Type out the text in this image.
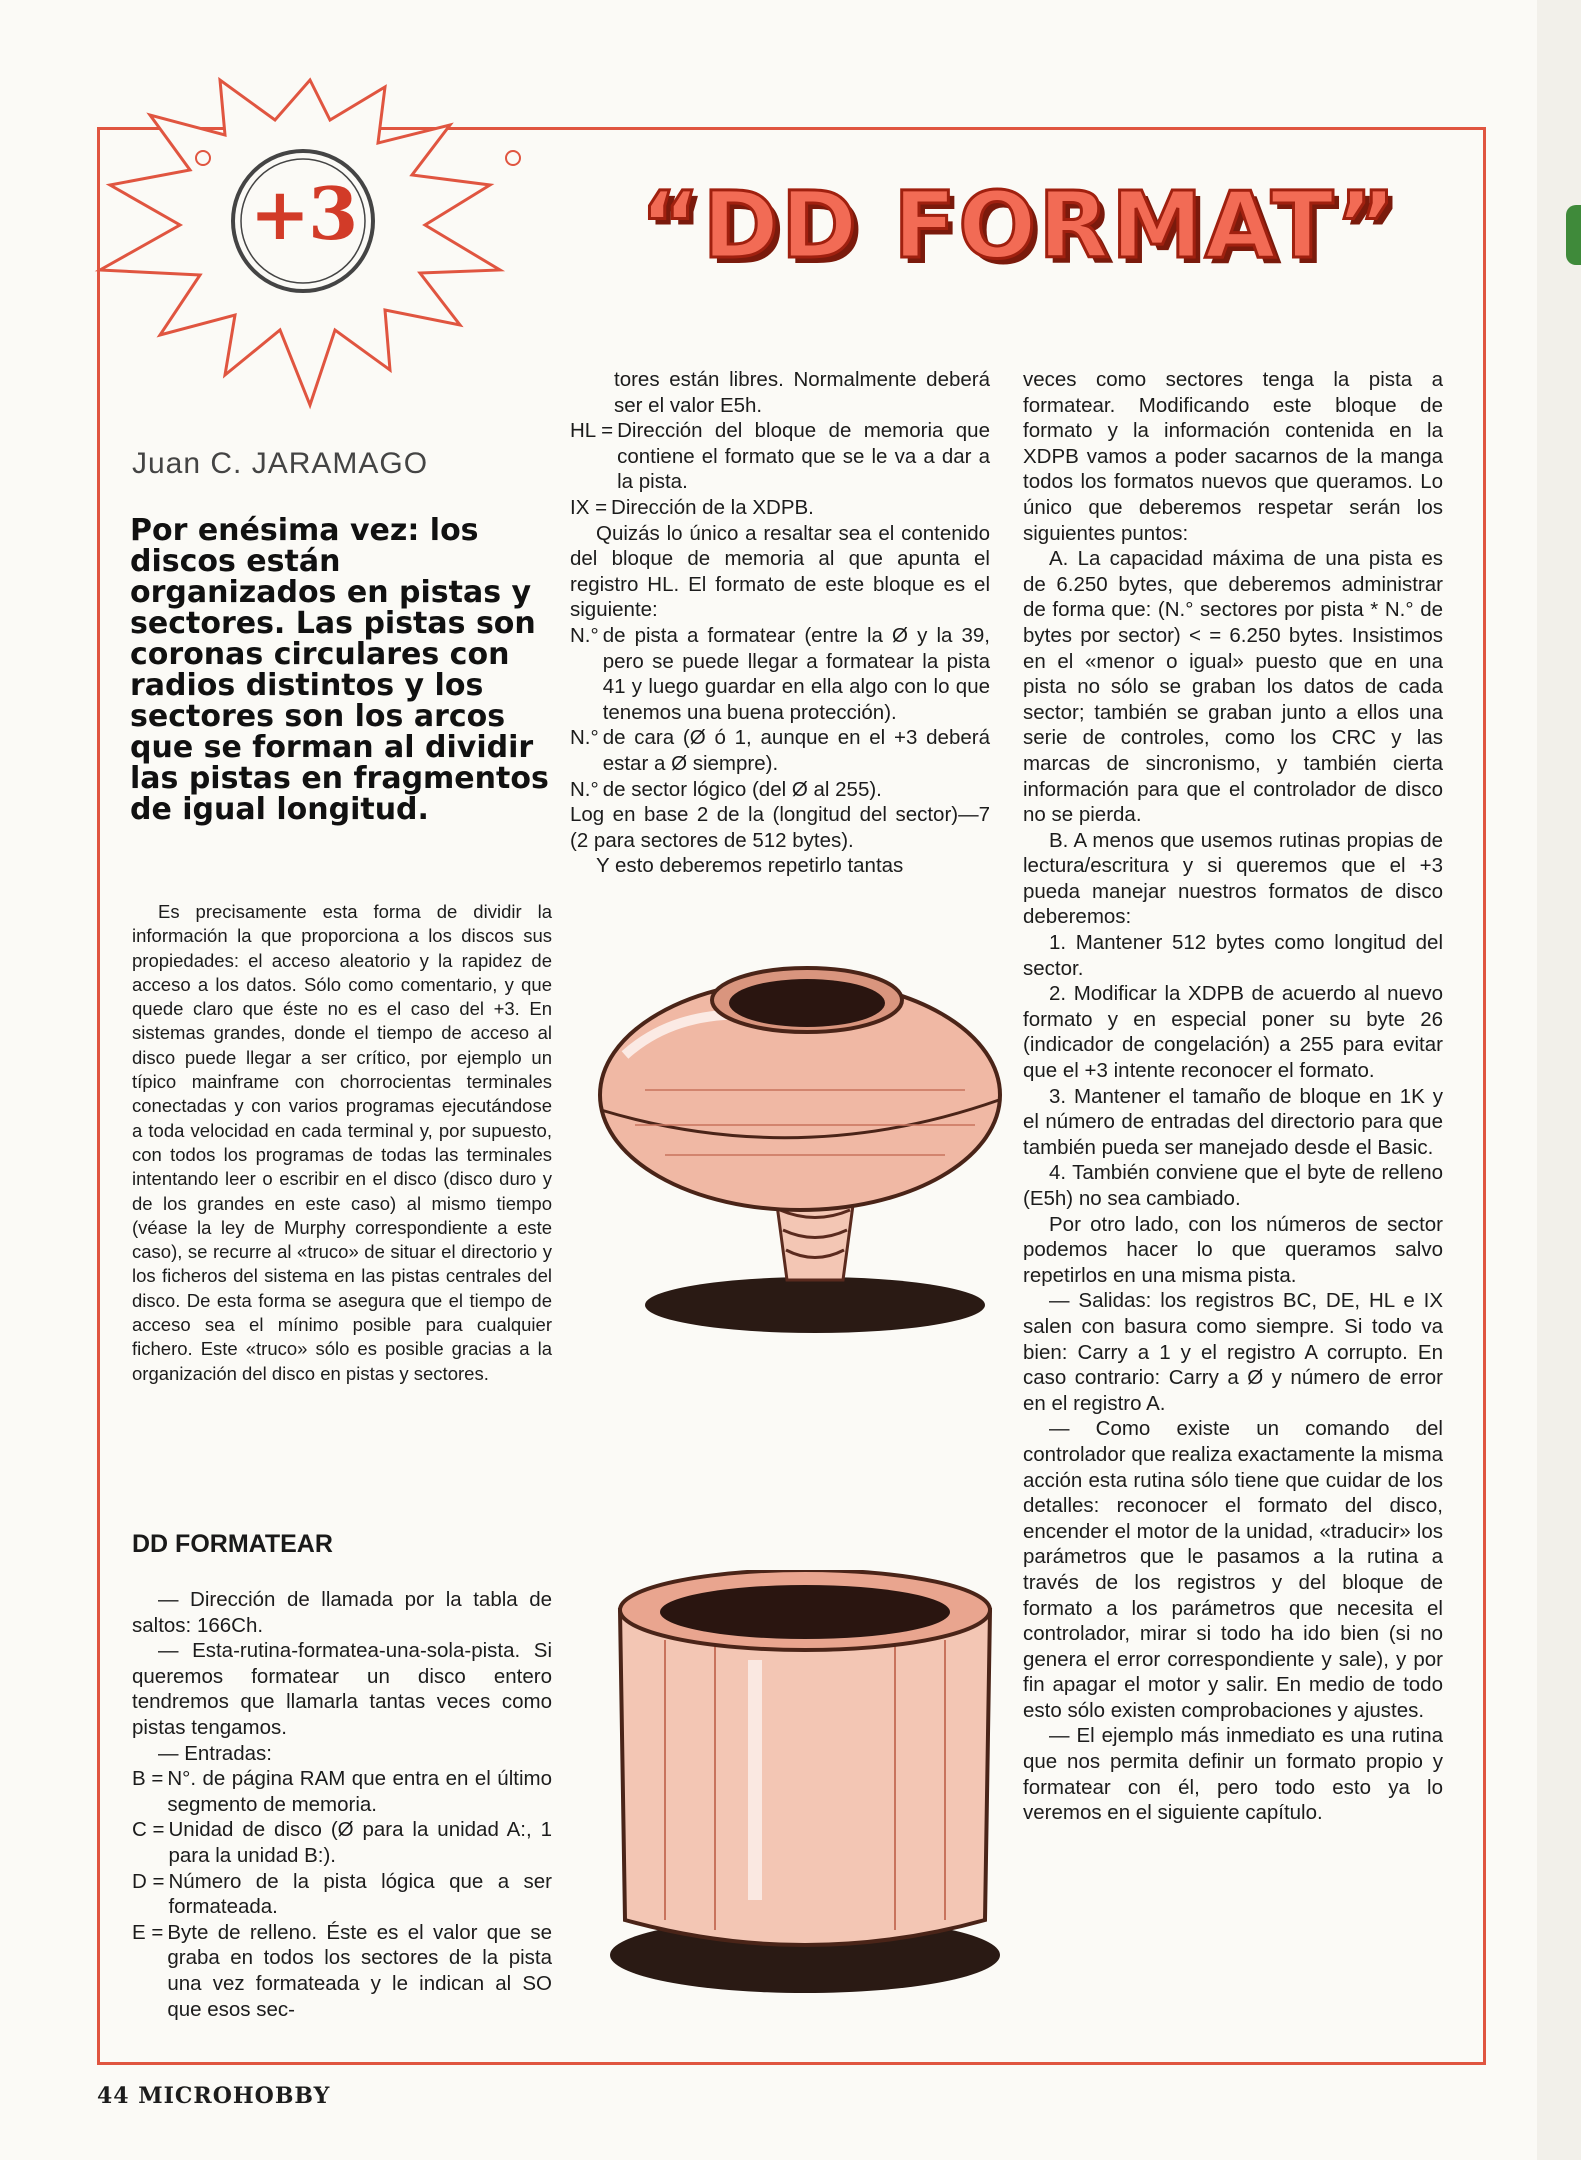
+3	“DD FORMAT”
Juan C. JARAMAGO

Por enésima vez: los discos están organizados en pistas y sectores. Las pistas son coronas circulares con radios distintos y los sectores son los arcos que se forman al dividir las pistas en fragmentos de igual longitud.

Es precisamente esta forma de dividir la información la que proporciona a los discos sus propiedades: el acceso aleatorio y la rapidez de acceso a los datos. Sólo como comentario, y que quede claro que éste no es el caso del +3. En sistemas grandes, donde el tiempo de acceso al disco puede llegar a ser crítico, por ejemplo un típico mainframe con chorrocientas terminales conectadas y con varios programas ejecutándose a toda velocidad en cada terminal y, por supuesto, con todos los programas de todas las terminales intentando leer o escribir en el disco (disco duro y de los grandes en este caso) al mismo tiempo (véase la ley de Murphy correspondiente a este caso), se recurre al «truco» de situar el directorio y los ficheros del sistema en las pistas centrales del disco. De esta forma se asegura que el tiempo de acceso sea el mínimo posible para cualquier fichero. Este «truco» sólo es posible gracias a la organización del disco en pistas y sectores.

DD FORMATEAR

— Dirección de llamada por la tabla de saltos: 166Ch.

— Esta-rutina-formatea-una-sola-pista. Si queremos formatear un disco entero tendremos que llamarla tantas veces como pistas tengamos.

— Entradas:

B = N°. de página RAM que entra en el último segmento de memoria.
C = Unidad de disco (Ø para la unidad A:, 1 para la unidad B:).
D = Número de la pista lógica que a ser formateada.
E = Byte de relleno. Éste es el valor que se graba en todos los sectores de la pista una vez formateada y le indican al SO que esos sec-

tores están libres. Normalmente deberá ser el valor E5h.

HL = Dirección del bloque de memoria que contiene el formato que se le va a dar a la pista.
IX = Dirección de la XDPB.

Quizás lo único a resaltar sea el contenido del bloque de memoria al que apunta el registro HL. El formato de este bloque es el siguiente:

N.° de pista a formatear (entre la Ø y la 39, pero se puede llegar a formatear la pista 41 y luego guardar en ella algo con lo que tenemos una buena protección).
N.° de cara (Ø ó 1, aunque en el +3 deberá estar a Ø siempre).
N.° de sector lógico (del Ø al 255).

Log en base 2 de la (longitud del sector)—7 (2 para sectores de 512 bytes).

Y esto deberemos repetirlo tantas

veces como sectores tenga la pista a formatear. Modificando este bloque de formato y la información contenida en la XDPB vamos a poder sacarnos de la manga todos los formatos nuevos que queramos. Lo único que deberemos respetar serán los siguientes puntos:

A. La capacidad máxima de una pista es de 6.250 bytes, que deberemos administrar de forma que: (N.° sectores por pista * N.° de bytes por sector) < = 6.250 bytes. Insistimos en el «menor o igual» puesto que en una pista no sólo se graban los datos de cada sector; también se graban junto a ellos una serie de controles, como los CRC y las marcas de sincronismo, y también cierta información para que el controlador de disco no se pierda.

B. A menos que usemos rutinas propias de lectura/escritura y si queremos que el +3 pueda manejar nuestros formatos de disco deberemos:

1. Mantener 512 bytes como longitud del sector.

2. Modificar la XDPB de acuerdo al nuevo formato y en especial poner su byte 26 (indicador de congelación) a 255 para evitar que el +3 intente reconocer el formato.

3. Mantener el tamaño de bloque en 1K y el número de entradas del directorio para que también pueda ser manejado desde el Basic.

4. También conviene que el byte de relleno (E5h) no sea cambiado.

Por otro lado, con los números de sector podemos hacer lo que queramos salvo repetirlos en una misma pista.

— Salidas: los registros BC, DE, HL e IX salen con basura como siempre. Si todo va bien: Carry a 1 y el registro A corrupto. En caso contrario: Carry a Ø y número de error en el registro A.

— Como existe un comando del controlador que realiza exactamente la misma acción esta rutina sólo tiene que cuidar de los detalles: reconocer el formato del disco, encender el motor de la unidad, «traducir» los parámetros que le pasamos a la rutina a través de los registros y del bloque de formato a los parámetros que necesita el controlador, mirar si todo ha ido bien (si no genera el error correspondiente y sale), y por fin apagar el motor y salir. En medio de todo esto sólo existen comprobaciones y ajustes.

— El ejemplo más inmediato es una rutina que nos permita definir un formato propio y formatear con él, pero todo esto ya lo veremos en el siguiente capítulo.

44 MICROHOBBY
